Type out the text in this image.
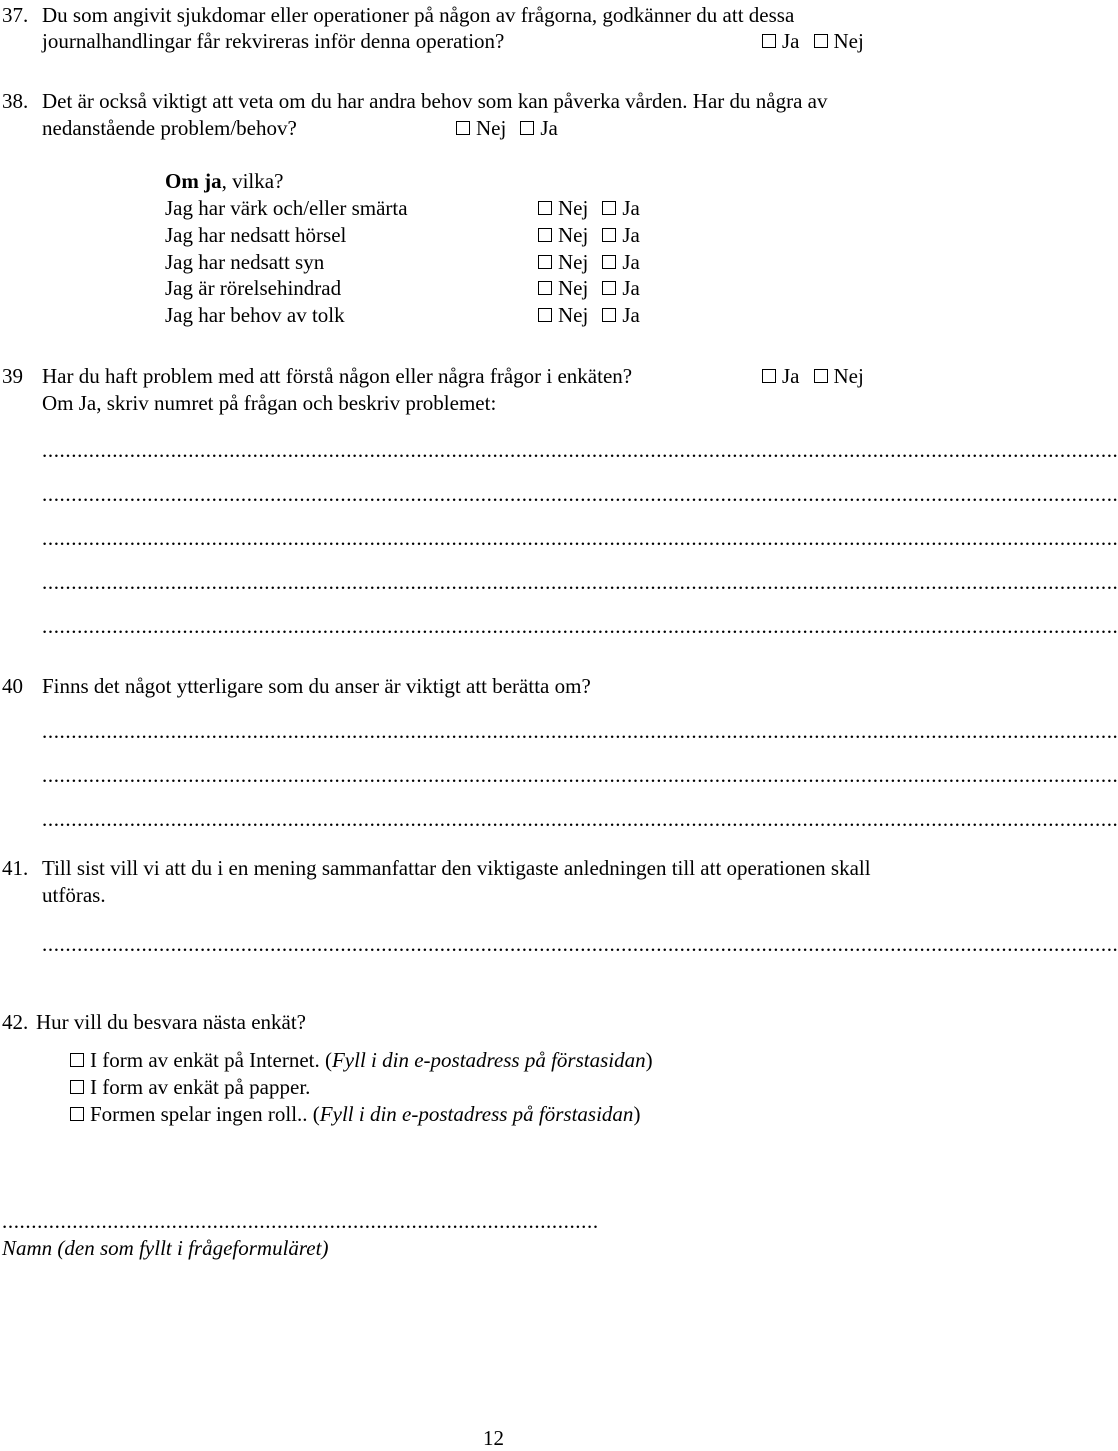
37. Du som angivit sjukdomar eller operationer på någon av frågorna, godkänner du att dessa
journalhandlingar får rekvireras inför denna operation?	Ja Nej
38. Det är också viktigt att veta om du har andra behov som kan påverka vården. Har du några av
nedanstående problem/behov?	Nej Ja
Om ja, vilka?
Jag har värk och/eller smärta	Nej Ja
Jag har nedsatt hörsel	Nej Ja
Jag har nedsatt syn	Nej Ja
Jag är rörelsehindrad	Nej Ja
Jag har behov av tolk	Nej Ja
39 Har du haft problem med att förstå någon eller några frågor i enkäten?	Ja Nej
Om Ja, skriv numret på frågan och beskriv problemet:
........................................................................................................................................................................................
........................................................................................................................................................................................
........................................................................................................................................................................................
........................................................................................................................................................................................
........................................................................................................................................................................................
40 Finns det något ytterligare som du anser är viktigt att berätta om?
........................................................................................................................................................................................
........................................................................................................................................................................................
........................................................................................................................................................................................
41. Till sist vill vi att du i en mening sammanfattar den viktigaste anledningen till att operationen skall
utföras.
........................................................................................................................................................................................
42. Hur vill du besvara nästa enkät?
I form av enkät på Internet. (Fyll i din e-postadress på förstasidan)
I form av enkät på papper.
Formen spelar ingen roll.. (Fyll i din e-postadress på förstasidan)
......................................................................................................
Namn (den som fyllt i frågeformuläret)
12
